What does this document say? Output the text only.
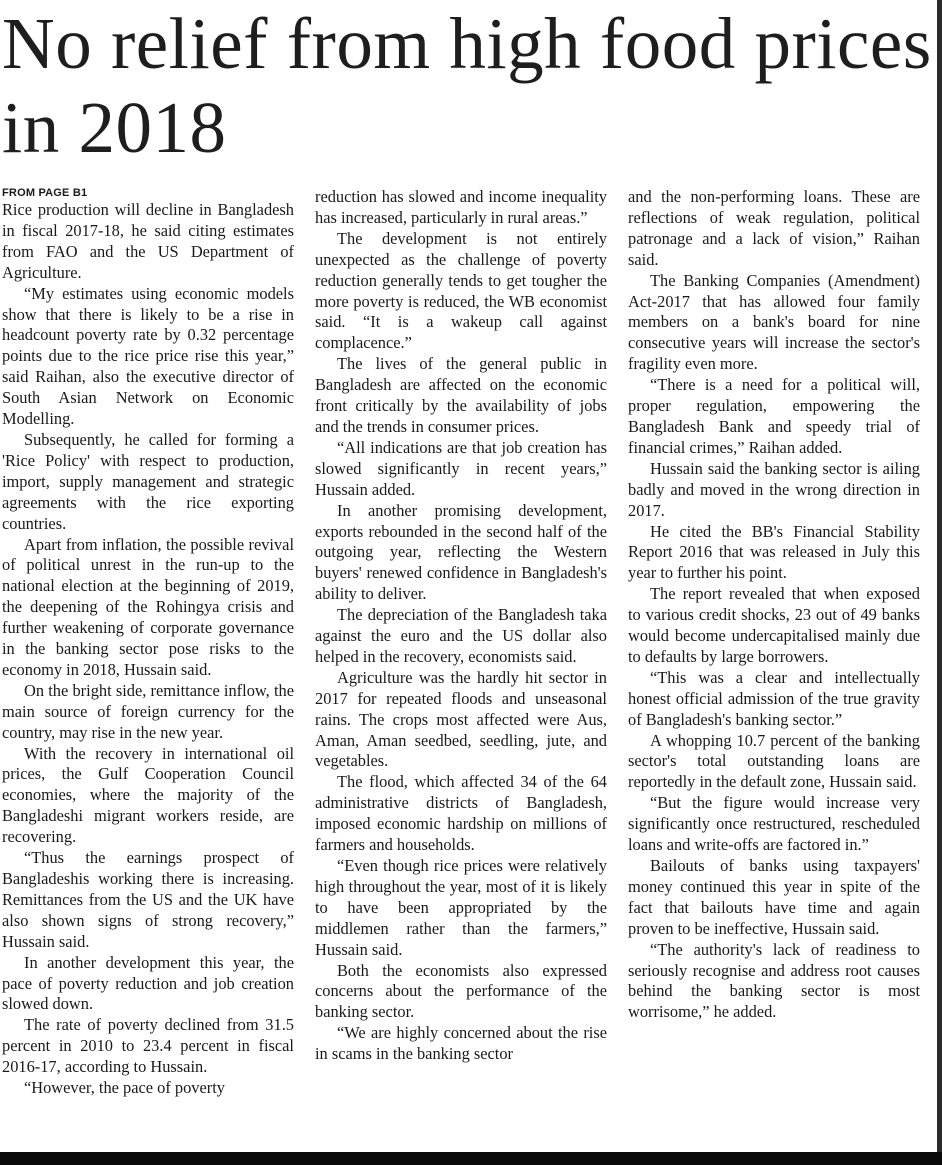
No relief from high food prices in 2018

FROM PAGE B1

Rice production will decline in Bangladesh in fiscal 2017-18, he said citing estimates from FAO and the US Department of Agriculture.

“My estimates using economic models show that there is likely to be a rise in headcount poverty rate by 0.32 percentage points due to the rice price rise this year,” said Raihan, also the executive director of South Asian Network on Economic Modelling.

Subsequently, he called for forming a 'Rice Policy' with respect to production, import, supply management and strategic agreements with the rice exporting countries.

Apart from inflation, the possible revival of political unrest in the run-up to the national election at the beginning of 2019, the deepening of the Rohingya crisis and further weakening of corporate governance in the banking sector pose risks to the economy in 2018, Hussain said.

On the bright side, remittance inflow, the main source of foreign currency for the country, may rise in the new year.

With the recovery in international oil prices, the Gulf Cooperation Council economies, where the majority of the Bangladeshi migrant workers reside, are recovering.

“Thus the earnings prospect of Bangladeshis working there is increasing. Remittances from the US and the UK have also shown signs of strong recovery,” Hussain said.

In another development this year, the pace of poverty reduction and job creation slowed down.

The rate of poverty declined from 31.5 percent in 2010 to 23.4 percent in fiscal 2016-17, according to Hussain.

“However, the pace of poverty

reduction has slowed and income inequality has increased, particularly in rural areas.”

The development is not entirely unexpected as the challenge of poverty reduction generally tends to get tougher the more poverty is reduced, the WB economist said. “It is a wakeup call against complacence.”

The lives of the general public in Bangladesh are affected on the economic front critically by the availability of jobs and the trends in consumer prices.

“All indications are that job creation has slowed significantly in recent years,” Hussain added.

In another promising development, exports rebounded in the second half of the outgoing year, reflecting the Western buyers' renewed confidence in Bangladesh's ability to deliver.

The depreciation of the Bangladesh taka against the euro and the US dollar also helped in the recovery, economists said.

Agriculture was the hardly hit sector in 2017 for repeated floods and unseasonal rains. The crops most affected were Aus, Aman, Aman seedbed, seedling, jute, and vegetables.

The flood, which affected 34 of the 64 administrative districts of Bangladesh, imposed economic hardship on millions of farmers and households.

“Even though rice prices were relatively high throughout the year, most of it is likely to have been appropriated by the middlemen rather than the farmers,” Hussain said.

Both the economists also expressed concerns about the performance of the banking sector.

“We are highly concerned about the rise in scams in the banking sector

and the non-performing loans. These are reflections of weak regulation, political patronage and a lack of vision,” Raihan said.

The Banking Companies (Amendment) Act-2017 that has allowed four family members on a bank's board for nine consecutive years will increase the sector's fragility even more.

“There is a need for a political will, proper regulation, empowering the Bangladesh Bank and speedy trial of financial crimes,” Raihan added.

Hussain said the banking sector is ailing badly and moved in the wrong direction in 2017.

He cited the BB's Financial Stability Report 2016 that was released in July this year to further his point.

The report revealed that when exposed to various credit shocks, 23 out of 49 banks would become undercapitalised mainly due to defaults by large borrowers.

“This was a clear and intellectually honest official admission of the true gravity of Bangladesh's banking sector.”

A whopping 10.7 percent of the banking sector's total outstanding loans are reportedly in the default zone, Hussain said.

“But the figure would increase very significantly once restructured, rescheduled loans and write-offs are factored in.”

Bailouts of banks using taxpayers' money continued this year in spite of the fact that bailouts have time and again proven to be ineffective, Hussain said.

“The authority's lack of readiness to seriously recognise and address root causes behind the banking sector is most worrisome,” he added.
